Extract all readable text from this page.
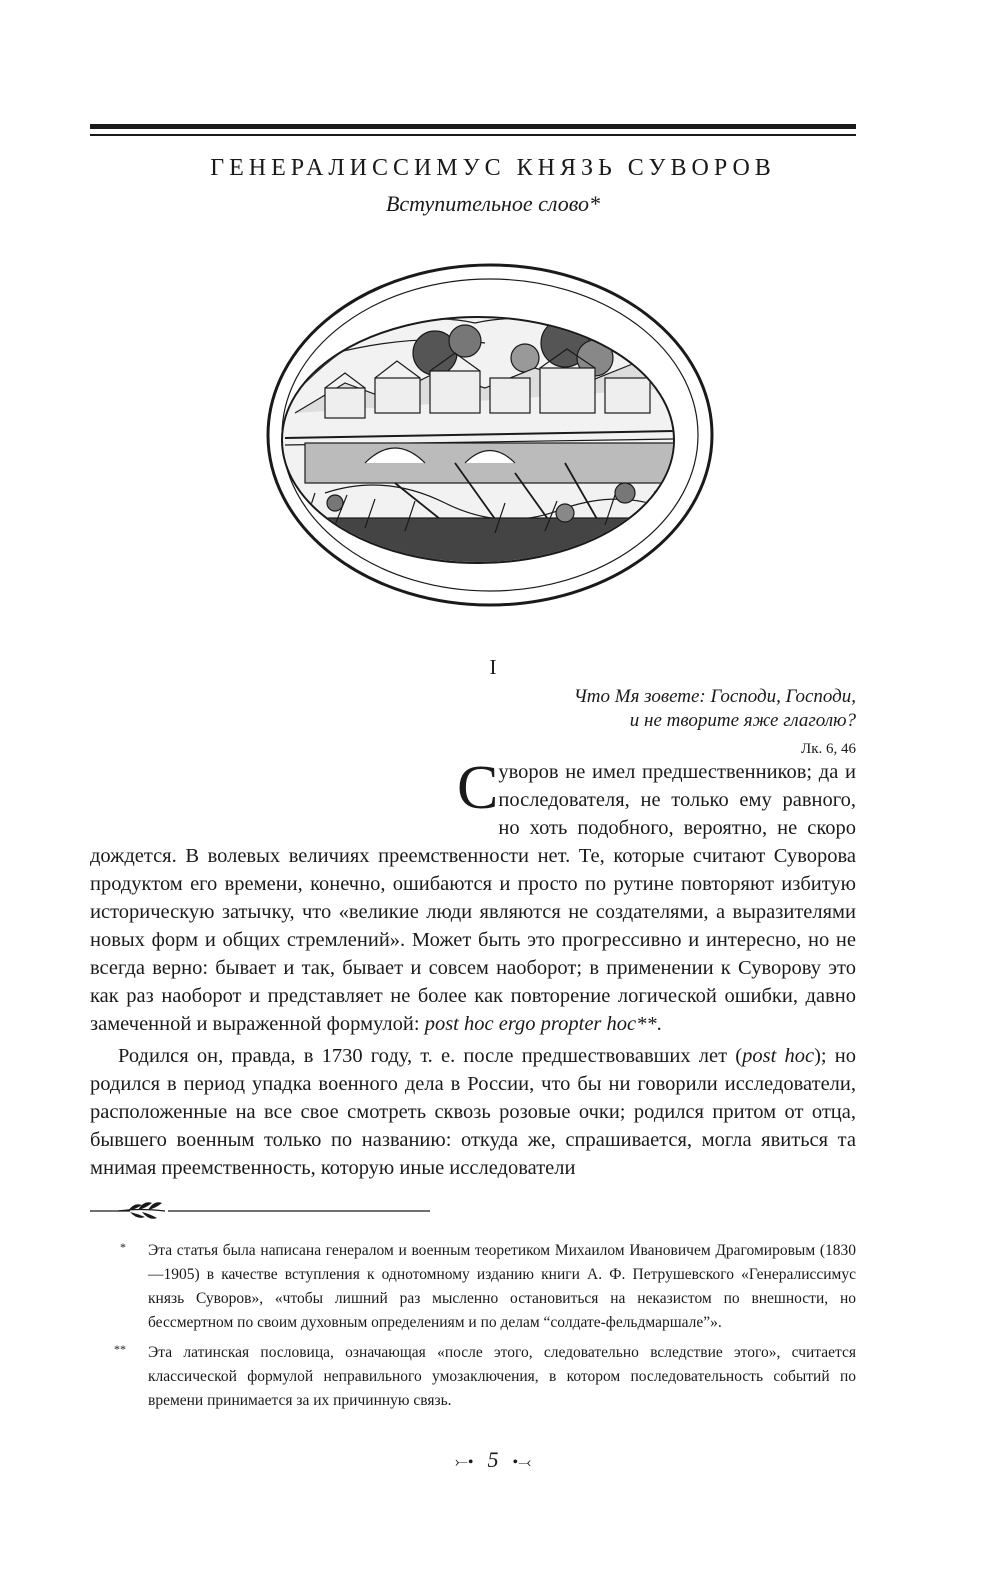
ГЕНЕРАЛИССИМУС КНЯЗЬ СУВОРОВ
Вступительное слово*
I
Что Мя зовете: Господи, Господи,
и не творите яже глаголю?
Лк. 6, 46

Суворов не имел предшественников; да и последователя, не только ему равного, но хоть подобного, вероятно, не скоро дождется. В волевых величиях преемственности нет. Те, которые считают Суворова продуктом его времени, конечно, ошибаются и просто по рутине повторяют избитую историческую затычку, что «великие люди являются не создателями, а выразителями новых форм и общих стремлений». Может быть это прогрессивно и интересно, но не всегда верно: бывает и так, бывает и совсем наоборот; в применении к Суворову это как раз наоборот и представляет не более как повторение логической ошибки, давно замеченной и выраженной формулой: post hoc ergo propter hoc**.

Родился он, правда, в 1730 году, т. е. после предшествовавших лет (post hoc); но родился в период упадка военного дела в России, что бы ни говорили исследователи, расположенные на все свое смотреть сквозь розовые очки; родился притом от отца, бывшего военным только по названию: откуда же, спрашивается, могла явиться та мнимая преемственность, которую иные исследователи

* Эта статья была написана генералом и военным теоретиком Михаилом Ивановичем Драгомировым (1830—1905) в качестве вступления к однотомному изданию книги А. Ф. Петрушевского «Генералиссимус князь Суворов», «чтобы лишний раз мысленно остановиться на неказистом по внешности, но бессмертном по своим духовным определениям и по делам “солдате-фельдмаршале”».
** Эта латинская пословица, означающая «после этого, следовательно вследствие этого», считается классической формулой неправильного умозаключения, в котором последовательность событий по времени принимается за их причинную связь.
⤚• 5 •⤙
